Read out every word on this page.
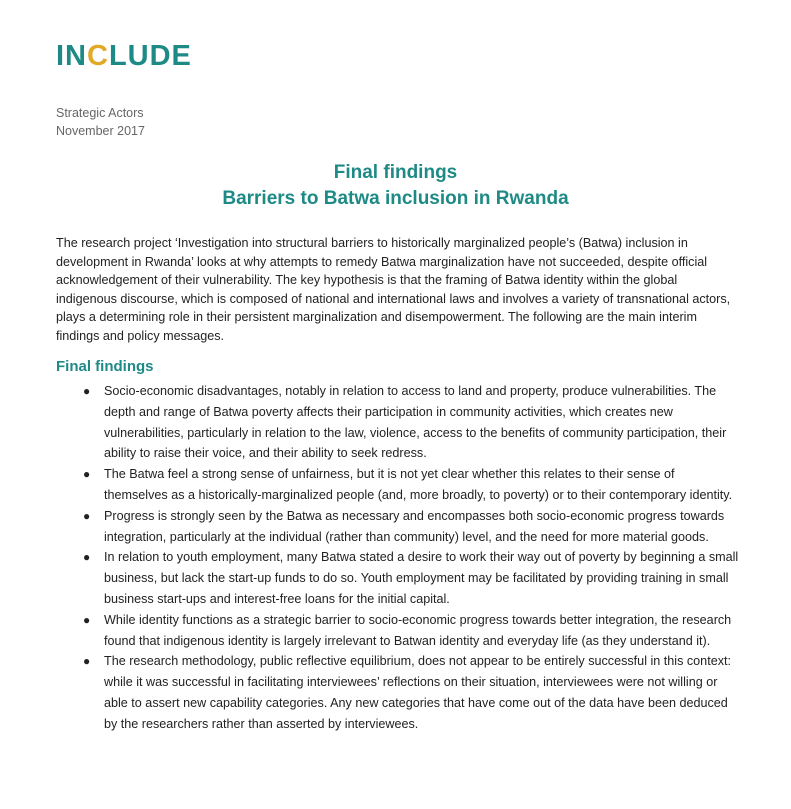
INCLUDE
Strategic Actors
November 2017
Final findings
Barriers to Batwa inclusion in Rwanda

The research project ‘Investigation into structural barriers to historically marginalized people’s (Batwa) inclusion in development in Rwanda’ looks at why attempts to remedy Batwa marginalization have not succeeded, despite official acknowledgement of their vulnerability. The key hypothesis is that the framing of Batwa identity within the global indigenous discourse, which is composed of national and international laws and involves a variety of transnational actors, plays a determining role in their persistent marginalization and disempowerment. The following are the main interim findings and policy messages.

Final findings
● Socio-economic disadvantages, notably in relation to access to land and property, produce vulnerabilities. The depth and range of Batwa poverty affects their participation in community activities, which creates new vulnerabilities, particularly in relation to the law, violence, access to the benefits of community participation, their ability to raise their voice, and their ability to seek redress.
● The Batwa feel a strong sense of unfairness, but it is not yet clear whether this relates to their sense of themselves as a historically-marginalized people (and, more broadly, to poverty) or to their contemporary identity.
● Progress is strongly seen by the Batwa as necessary and encompasses both socio-economic progress towards integration, particularly at the individual (rather than community) level, and the need for more material goods.
● In relation to youth employment, many Batwa stated a desire to work their way out of poverty by beginning a small business, but lack the start-up funds to do so. Youth employment may be facilitated by providing training in small business start-ups and interest-free loans for the initial capital.
● While identity functions as a strategic barrier to socio-economic progress towards better integration, the research found that indigenous identity is largely irrelevant to Batwan identity and everyday life (as they understand it).
● The research methodology, public reflective equilibrium, does not appear to be entirely successful in this context: while it was successful in facilitating interviewees’ reflections on their situation, interviewees were not willing or able to assert new capability categories. Any new categories that have come out of the data have been deduced by the researchers rather than asserted by interviewees.
